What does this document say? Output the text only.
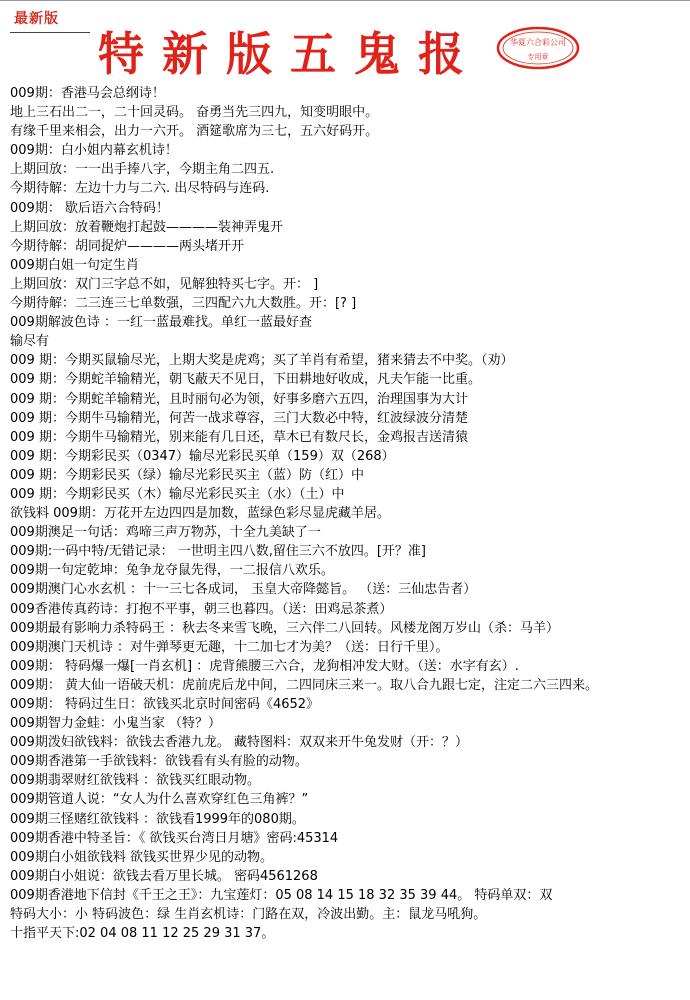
最新版
特新版五鬼报	华夏六合彩公司
专用章
009期：香港马会总纲诗！
地上三石出二一，二十回灵码。 奋勇当先三四九，知变明眼中。
有缘千里来相会，出力一六开。 酒筵歌席为三七，五六好码开。
009期：白小姐内幕玄机诗！
上期回放：一一出手捧八字，今期主角二四五.
今期待解：左边十力与二六. 出尽特码与连码.
009期： 歇后语六合特码！
上期回放：放着鞭炮打起鼓————装神弄鬼开
今期待解：胡同捉炉————两头堵开开
009期白姐一句定生肖
上期回放：双门三字总不如，见解独特买七字。开： ]
今期待解：二三连三七单数强，三四配六九大数胜。开：[? ]
009期解波色诗 ：一红一蓝最难找。单红一蓝最好查
输尽有
009 期：今期买鼠输尽光，上期大奖是虎鸡；买了羊肖有希望，猪来猜去不中奖。（劝）
009 期：今期蛇羊输精光，朝飞蔽天不见日，下田耕地好收成，凡夫乍能一比重。
009 期：今期蛇羊输精光，且时丽句必为领，好事多磨六五四，治理国事为大计
009 期：今期牛马输精光，何苦一战求尊容，三门大数必中特，红波绿波分清楚
009 期：今期牛马输精光，别来能有几日还，草木已有数尺长，金鸡报吉送清猿
009 期：今期彩民买（0347）输尽光彩民买单（159）双（268）
009 期：今期彩民买（绿）输尽光彩民买主（蓝）防（红）中
009 期：今期彩民买（木）输尽光彩民买主（水）（土）中
欲钱料 009期：万花开左边四四是加数，蓝绿色彩尽显虎藏羊居。
009期澳足一句话：鸡啼三声万物苏，十全九美缺了一
009期:一码中特/无错记录： 一世明主四八数,留住三六不放四。[开？准]
009期一句定乾坤：兔争龙夺鼠先得，一二报信八欢乐。
009期澳门心水玄机 ：十一三七各成词， 玉皇大帝降懿旨。 （送：三仙忠告者）
009香港传真药诗：打抱不平事，朝三也暮四。（送：田鸡忌茶煮）
009期最有影响力杀特码王 ：秋去冬来雪飞晚，三六伴二八回转。风楼龙阁万岁山（杀：马羊）
009期澳门天机诗 ：对牛弹琴更无趣，十二加七才为美？（送：日行千里）。
009期： 特码爆一爆[一肖玄机] ：虎背熊腰三六合，龙狗相冲发大财。（送：水字有玄）.
009期： 黄大仙一语破天机：虎前虎后龙中间，二四同床三来一。取八合九跟七定，注定二六三四来。
009期： 特码过生日：欲钱买北京时间密码《4652》
009期智力金蛙：小鬼当家 （特？）
009期泼妇欲钱料：欲钱去香港九龙。 藏特图料：双双来开牛兔发财（开：？）
009期香港第一手欲钱料：欲钱看有头有脸的动物。
009期翡翠财红欲钱料 ：欲钱买红眼动物。
009期管道人说：“女人为什么喜欢穿红色三角裤？”
009期三怪赌红欲钱料 ：欲钱看1999年的080期。
009期香港中特圣旨：《 欲钱买台湾日月塘》密码:45314
009期白小姐欲钱料 欲钱买世界少见的动物。
009期白小姐说：欲钱去看万里长城。 密码4561268
009期香港地下信封《千王之王》：九宝莲灯：05 08 14 15 18 32 35 39 44。 特码单双：双
特码大小：小 特码波色：绿 生肖玄机诗：门路在双，冷波出勤。主：鼠龙马吼狗。
十指平天下:02 04 08 11 12 25 29 31 37。
